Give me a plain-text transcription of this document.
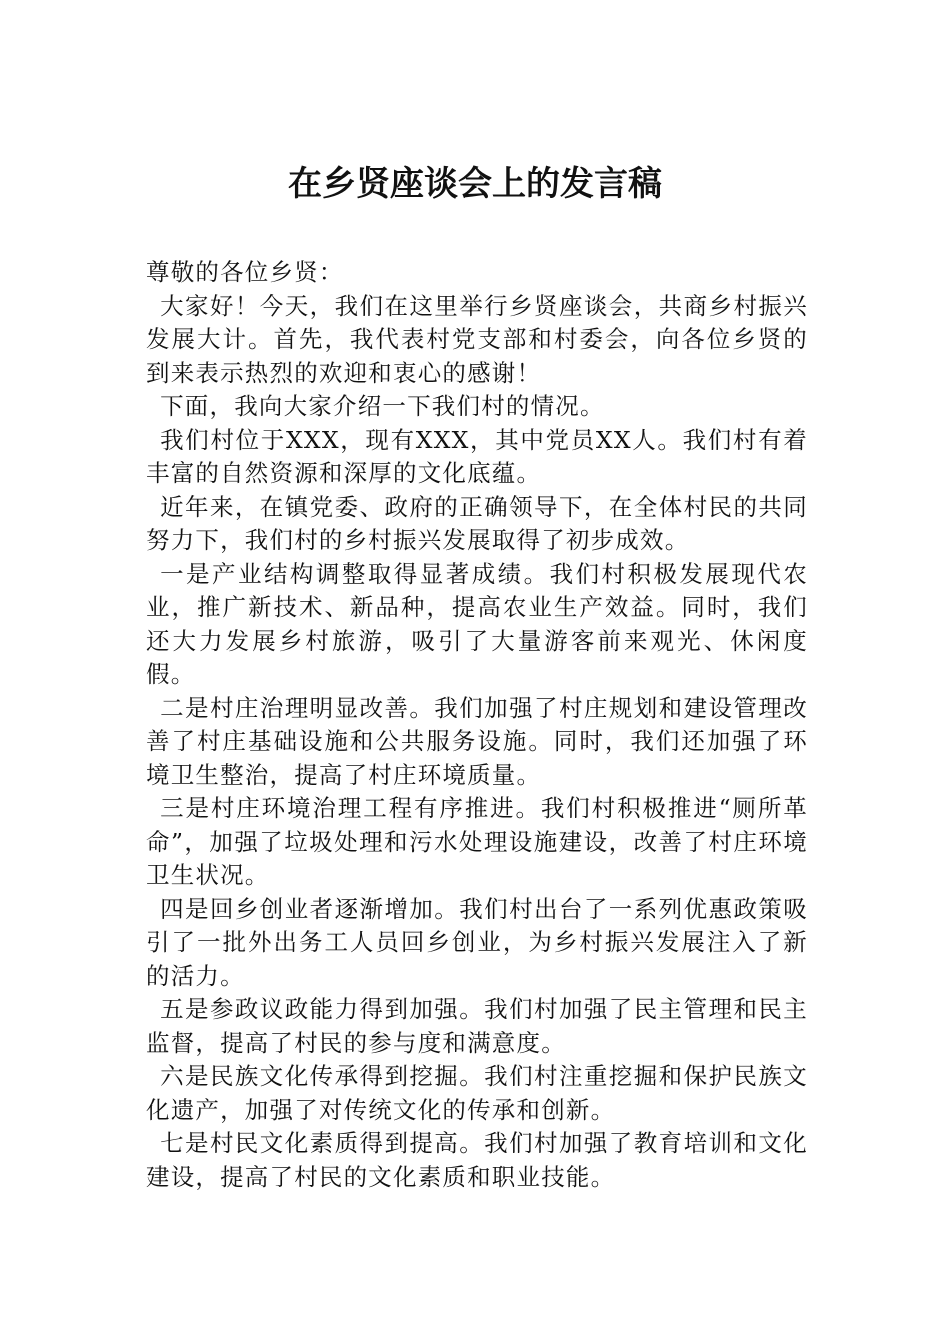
在乡贤座谈会上的发言稿

尊敬的各位乡贤：

大家好！今天，我们在这里举行乡贤座谈会，共商乡村振兴发展大计。首先，我代表村党支部和村委会，向各位乡贤的到来表示热烈的欢迎和衷心的感谢！

下面，我向大家介绍一下我们村的情况。

我们村位于XXX，现有XXX，其中党员XX人。我们村有着丰富的自然资源和深厚的文化底蕴。

近年来，在镇党委、政府的正确领导下，在全体村民的共同努力下，我们村的乡村振兴发展取得了初步成效。

一是产业结构调整取得显著成绩。我们村积极发展现代农业，推广新技术、新品种，提高农业生产效益。同时，我们还大力发展乡村旅游，吸引了大量游客前来观光、休闲度假。

二是村庄治理明显改善。我们加强了村庄规划和建设管理改善了村庄基础设施和公共服务设施。同时，我们还加强了环境卫生整治，提高了村庄环境质量。

三是村庄环境治理工程有序推进。我们村积极推进“厕所革命”，加强了垃圾处理和污水处理设施建设，改善了村庄环境卫生状况。

四是回乡创业者逐渐增加。我们村出台了一系列优惠政策吸引了一批外出务工人员回乡创业，为乡村振兴发展注入了新的活力。

五是参政议政能力得到加强。我们村加强了民主管理和民主监督，提高了村民的参与度和满意度。

六是民族文化传承得到挖掘。我们村注重挖掘和保护民族文化遗产，加强了对传统文化的传承和创新。

七是村民文化素质得到提高。我们村加强了教育培训和文化建设，提高了村民的文化素质和职业技能。
